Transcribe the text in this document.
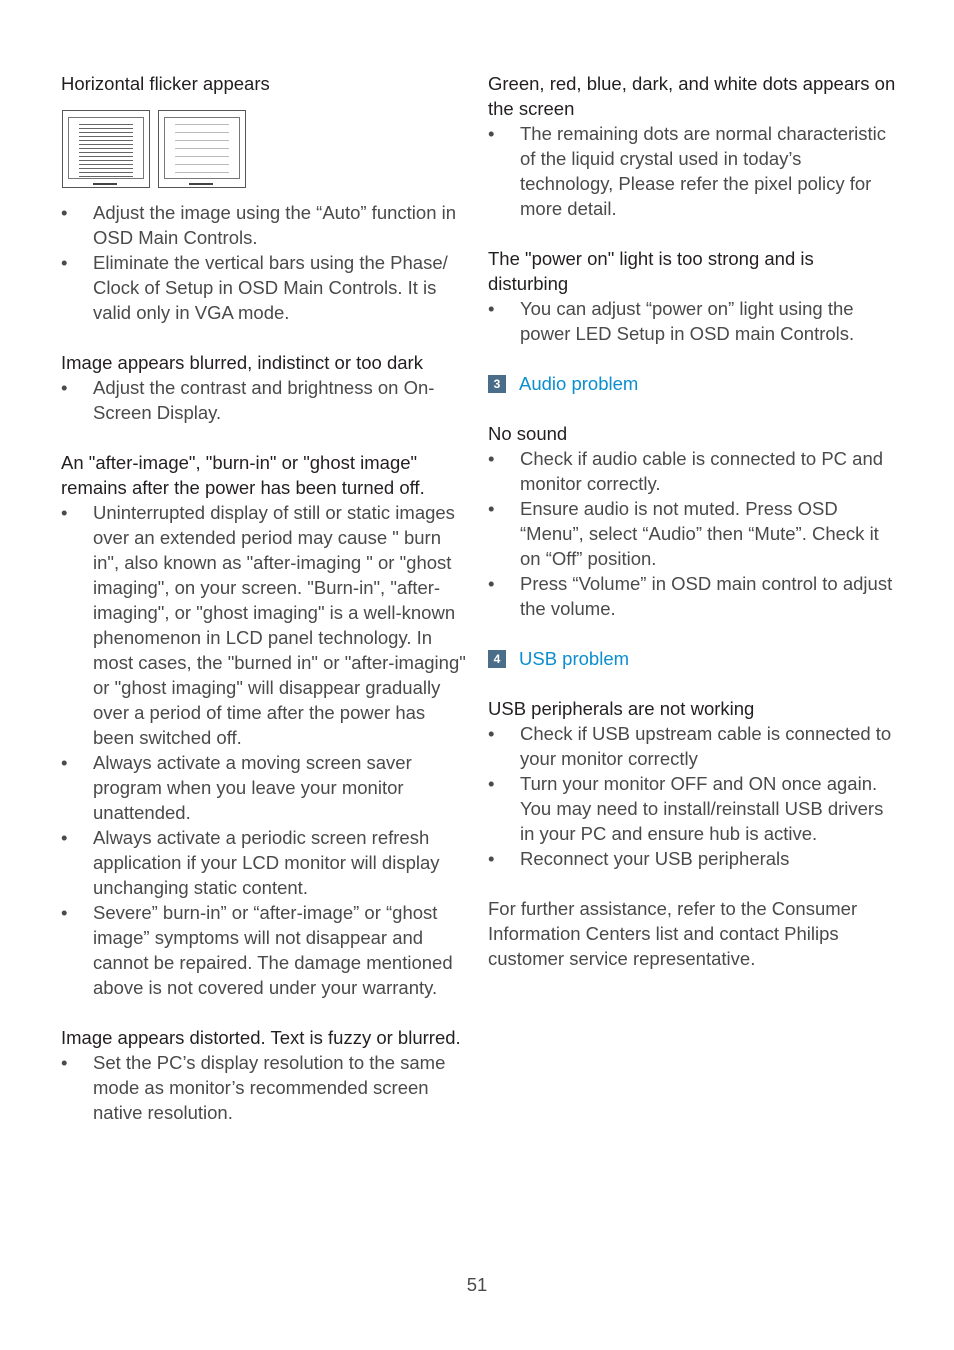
Horizontal flicker appears
•	Adjust the image using the “Auto” function in OSD Main Controls.
•	Eliminate the vertical bars using the Phase/ Clock of Setup in OSD Main Controls. It is valid only in VGA mode.
Image appears blurred, indistinct or too dark
•	Adjust the contrast and brightness on On-Screen Display.
An "after-image", "burn-in" or "ghost image" remains after the power has been turned off.
•	Uninterrupted display of still or static images over an extended period may cause " burn in", also known as "after-imaging " or "ghost imaging", on your screen. "Burn-in", "after-imaging", or "ghost imaging" is a well-known phenomenon in LCD panel technology. In most cases, the "burned in" or "after-imaging" or "ghost imaging" will disappear gradually over a period of time after the power has been switched off.
•	Always activate a moving screen saver program when you leave your monitor unattended.
•	Always activate a periodic screen refresh application if your LCD monitor will display unchanging static content.
•	Severe” burn-in” or “after-image” or “ghost image” symptoms will not disappear and cannot be repaired. The damage mentioned above is not covered under your warranty.
Image appears distorted. Text is fuzzy or blurred.
•	Set the PC’s display resolution to the same mode as monitor’s recommended screen native resolution.
Green, red, blue, dark, and white dots appears on the screen
•	The remaining dots are normal characteristic of the liquid crystal used in today’s technology, Please refer the pixel policy for more detail.
The "power on" light is too strong and is disturbing
•	You can adjust “power on” light using the power LED Setup in OSD main Controls.
3	Audio problem
No sound
•	Check if audio cable is connected to PC and monitor correctly.
•	Ensure audio is not muted. Press OSD “Menu”, select “Audio” then “Mute”. Check it on “Off” position.
•	Press “Volume” in OSD main control to adjust the volume.
4	USB problem
USB peripherals are not working
•	Check if USB upstream cable is connected to your monitor correctly
•	Turn your monitor OFF and ON once again. You may need to install/reinstall USB drivers in your PC and ensure hub is active.
•	Reconnect your USB peripherals

For further assistance, refer to the Consumer Information Centers list and contact Philips customer service representative.

51
